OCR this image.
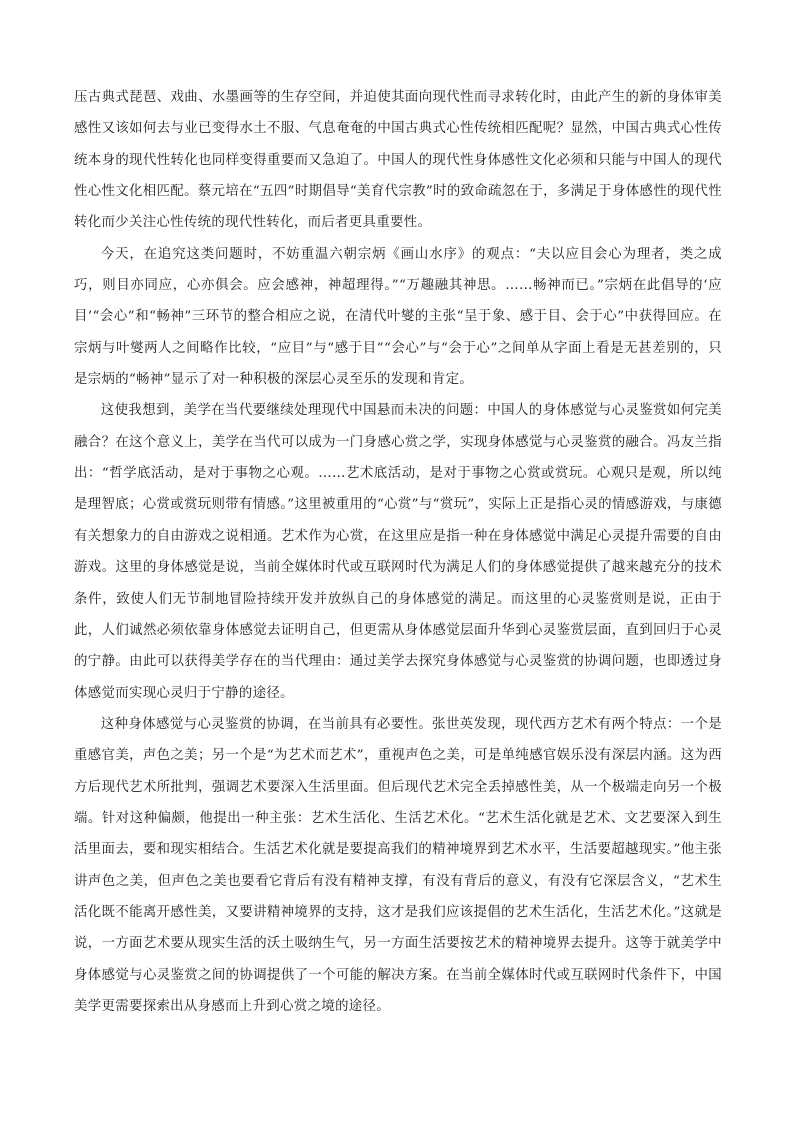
压古典式琵琶、戏曲、水墨画等的生存空间，并迫使其面向现代性而寻求转化时，由此产生的新的身体审美感性又该如何去与业已变得水土不服、气息奄奄的中国古典式心性传统相匹配呢？显然，中国古典式心性传统本身的现代性转化也同样变得重要而又急迫了。中国人的现代性身体感性文化必须和只能与中国人的现代性心性文化相匹配。蔡元培在“五四”时期倡导“美育代宗教”时的致命疏忽在于，多满足于身体感性的现代性转化而少关注心性传统的现代性转化，而后者更具重要性。

今天，在追究这类问题时，不妨重温六朝宗炳《画山水序》的观点：“夫以应目会心为理者，类之成巧，则目亦同应，心亦俱会。应会感神，神超理得。”“万趣融其神思。……畅神而已。”宗炳在此倡导的‘应目’“会心”和“畅神”三环节的整合相应之说，在清代叶燮的主张“呈于象、感于目、会于心”中获得回应。在宗炳与叶燮两人之间略作比较，“应目”与“感于目”“会心”与“会于心”之间单从字面上看是无甚差别的，只是宗炳的“畅神”显示了对一种积极的深层心灵至乐的发现和肯定。

这使我想到，美学在当代要继续处理现代中国悬而未决的问题：中国人的身体感觉与心灵鉴赏如何完美融合？在这个意义上，美学在当代可以成为一门身感心赏之学，实现身体感觉与心灵鉴赏的融合。冯友兰指出：“哲学底活动，是对于事物之心观。……艺术底活动，是对于事物之心赏或赏玩。心观只是观，所以纯是理智底；心赏或赏玩则带有情感。”这里被重用的“心赏”与“赏玩”，实际上正是指心灵的情感游戏，与康德有关想象力的自由游戏之说相通。艺术作为心赏，在这里应是指一种在身体感觉中满足心灵提升需要的自由游戏。这里的身体感觉是说，当前全媒体时代或互联网时代为满足人们的身体感觉提供了越来越充分的技术条件，致使人们无节制地冒险持续开发并放纵自己的身体感觉的满足。而这里的心灵鉴赏则是说，正由于此，人们诚然必须依靠身体感觉去证明自己，但更需从身体感觉层面升华到心灵鉴赏层面，直到回归于心灵的宁静。由此可以获得美学存在的当代理由：通过美学去探究身体感觉与心灵鉴赏的协调问题，也即透过身体感觉而实现心灵归于宁静的途径。

这种身体感觉与心灵鉴赏的协调，在当前具有必要性。张世英发现，现代西方艺术有两个特点：一个是重感官美，声色之美；另一个是“为艺术而艺术”，重视声色之美，可是单纯感官娱乐没有深层内涵。这为西方后现代艺术所批判，强调艺术要深入生活里面。但后现代艺术完全丢掉感性美，从一个极端走向另一个极端。针对这种偏颇，他提出一种主张：艺术生活化、生活艺术化。“艺术生活化就是艺术、文艺要深入到生活里面去，要和现实相结合。生活艺术化就是要提高我们的精神境界到艺术水平，生活要超越现实。”他主张讲声色之美，但声色之美也要看它背后有没有精神支撑，有没有背后的意义，有没有它深层含义，“艺术生活化既不能离开感性美，又要讲精神境界的支持，这才是我们应该提倡的艺术生活化，生活艺术化。”这就是说，一方面艺术要从现实生活的沃土吸纳生气，另一方面生活要按艺术的精神境界去提升。这等于就美学中身体感觉与心灵鉴赏之间的协调提供了一个可能的解决方案。在当前全媒体时代或互联网时代条件下，中国美学更需要探索出从身感而上升到心赏之境的途径。
